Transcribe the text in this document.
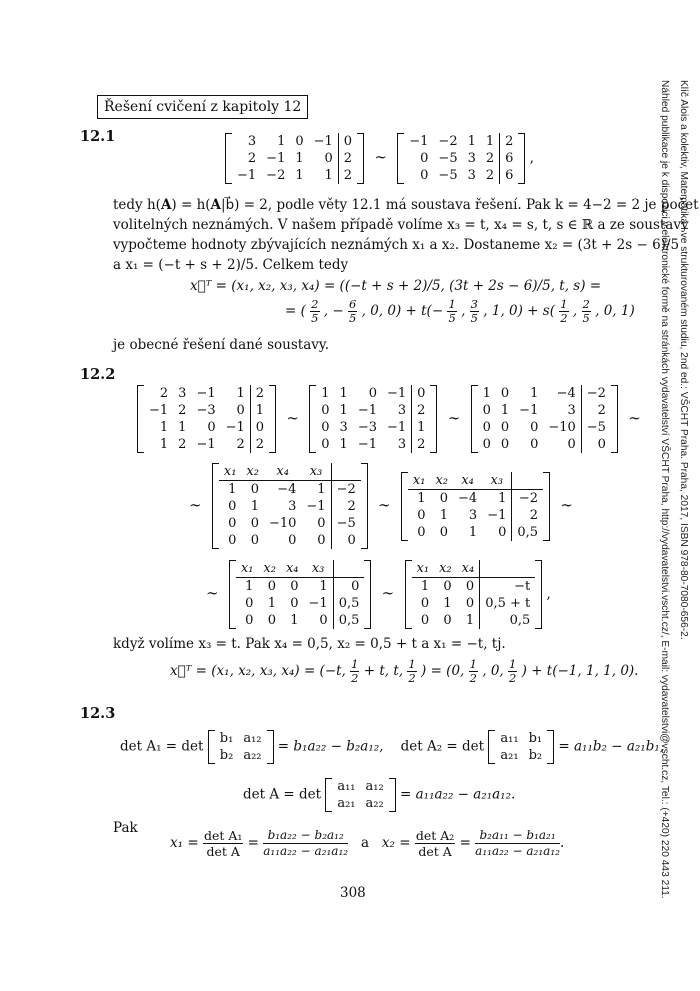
Klíč Alois a kolektiv, Matematika I ve strukturovaném studiu, 2nd ed.: VŠCHT Praha. Praha, 2017, ISBN 978-80-7080-656-2.
Náhled publikace je k dispozici v elektronické formě na stránkách vydavatelství VŠCHT Praha, http://vydavatelstvi.vscht.cz/, E-mail: vydavatelstvi@vscht.cz, Tel.: (+420) 220 443 211.
Řešení cvičení z kapitoly 12
12.1	3	1	0	−1	0
2	−1	1	0	2
−1	−2	1	1	2
∼
−1	−2	1	1	2
0	−5	3	2	6
0	−5	3	2	6
,
tedy h(A) = h(A|b⃗) = 2, podle věty 12.1 má soustava řešení. Pak k = 4−2 = 2 je počet
volitelných neznámých. V našem případě volíme x₃ = t, x₄ = s, t, s ∈ ℝ a ze soustavy
vypočteme hodnoty zbývajících neznámých x₁ a x₂. Dostaneme x₂ = (3t + 2s − 6)/5
a x₁ = (−t + s + 2)/5. Celkem tedy
x⃗ᵀ = (x₁, x₂, x₃, x₄) = ((−t + s + 2)/5, (3t + 2s − 6)/5, t, s) =
= ( $\frac{2}{5}$ , − $\frac{6}{5}$ , 0, $0) + t(- \frac{1}{5}$ , $\frac{3}{5}$ , 1, $0) + s( \frac{1}{2}$ , $\frac{2}{5}$ , 0, 1)
je obecné řešení dané soustavy.
12.2
2	3	−1	1	2
−1	2	−3	0	1
1	1	0	−1	0
1	2	−1	2	2
∼
1	1	0	−1	0
0	1	−1	3	2
0	3	−3	−1	1
0	1	−1	3	2
∼
1	0	1	−4	−2
0	1	−1	3	2
0	0	0	−10	−5
0	0	0	0	0
∼
∼
x₁	x₂	x₄	x₃	
1	0	−4	1	−2
0	1	3	−1	2
0	0	−10	0	−5
0	0	0	0	0
∼
x₁	x₂	x₄	x₃	
1	0	−4	1	−2
0	1	3	−1	2
0	0	1	0	0,5
∼
∼
x₁	x₂	x₄	x₃	
1	0	0	1	0
0	1	0	−1	0,5
0	0	1	0	0,5
∼
x₁	x₂	x₄	
1	0	0	−t
0	1	0	0,5 + t
0	0	1	0,5
,
když volíme x₃ = t. Pak x₄ = 0,5, x₂ = 0,5 + t a x₁ = −t, tj.
x⃗ᵀ = (x₁, x₂, x₃, x₄) = (−t, $\frac{1}{2} + t$, t, $\frac{1}{2}$ ) = (0, $\frac{1}{2}$ , 0, $\frac{1}{2}$ ) + t(−1, 1, 1, 0).
12.3
det A₁ = det b₁	a₁₂
b₂	a₂₂
= b₁a₂₂ − b₂a₁₂, det A₂ = det a₁₁	b₁
a₂₁	b₂
= a₁₁b₂ − a₂₁b₁,
det A = det a₁₁	a₁₂
a₂₁	a₂₂
= a₁₁a₂₂ − a₂₁a₁₂.
Pak
$x_1 = \frac{\text{det A₁}}{\text{det A}} = \frac{\text{b₁a₂₂ − b₂a₁₂}}{\text{a₁₁a₂₂ − a₂₁a₁₂}}$ a $x_2 = \frac{\text{det A₂}}{\text{det A}} = \frac{\text{b₂a₁₁ − b₁a₂₁}}{\text{a₁₁a₂₂ − a₂₁a₁₂}}$ .
308
